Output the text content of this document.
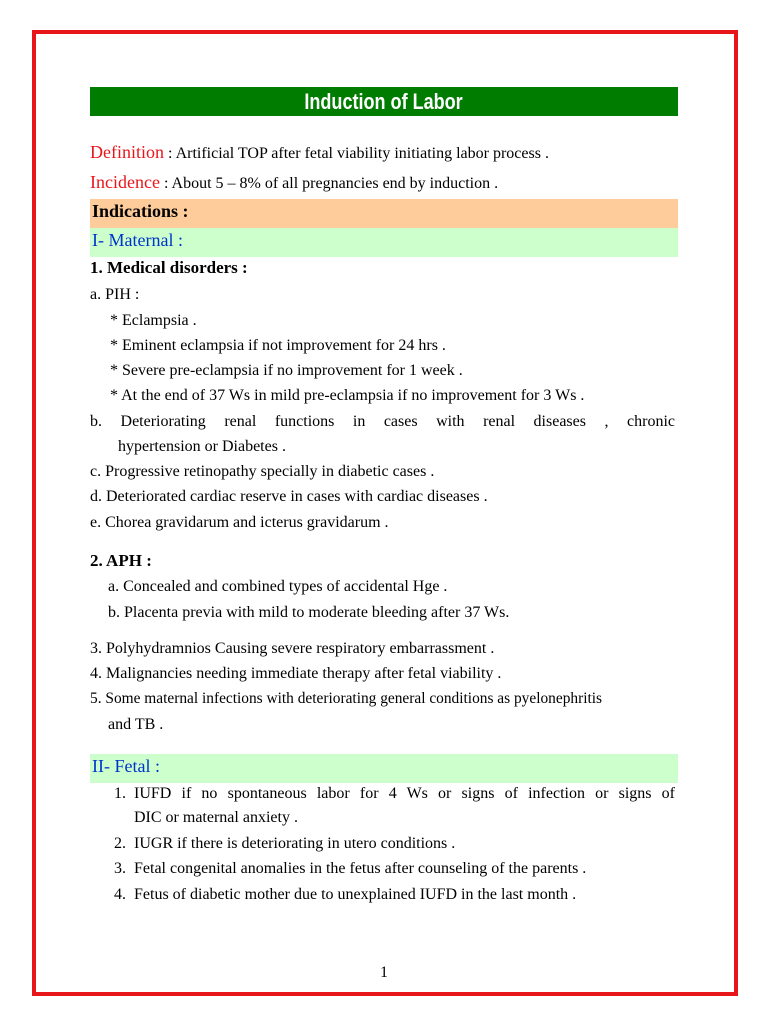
Induction of Labor
Definition : Artificial TOP after fetal viability initiating labor process .
Incidence : About 5 – 8% of all pregnancies end by induction .
Indications :
I- Maternal :
1. Medical disorders :
a. PIH :
* Eclampsia .
* Eminent eclampsia if not improvement for 24 hrs .
* Severe pre-eclampsia if no improvement for 1 week .
* At the end of 37 Ws in mild pre-eclampsia if no improvement for 3 Ws .
b. Deteriorating renal functions in cases with renal diseases , chronic
hypertension or Diabetes .
c. Progressive retinopathy specially in diabetic cases .
d. Deteriorated cardiac reserve in cases with cardiac diseases .
e. Chorea gravidarum and icterus gravidarum .
2. APH :
a. Concealed and combined types of accidental Hge .
b. Placenta previa with mild to moderate bleeding after 37 Ws.
3. Polyhydramnios Causing severe respiratory embarrassment .
4. Malignancies needing immediate therapy after fetal viability .
5. Some maternal infections with deteriorating general conditions as pyelonephritis
and TB .
II- Fetal :
1. IUFD if no spontaneous labor for 4 Ws or signs of infection or signs of
DIC or maternal anxiety .
2. IUGR if there is deteriorating in utero conditions .
3. Fetal congenital anomalies in the fetus after counseling of the parents .
4. Fetus of diabetic mother due to unexplained IUFD in the last month .
1
